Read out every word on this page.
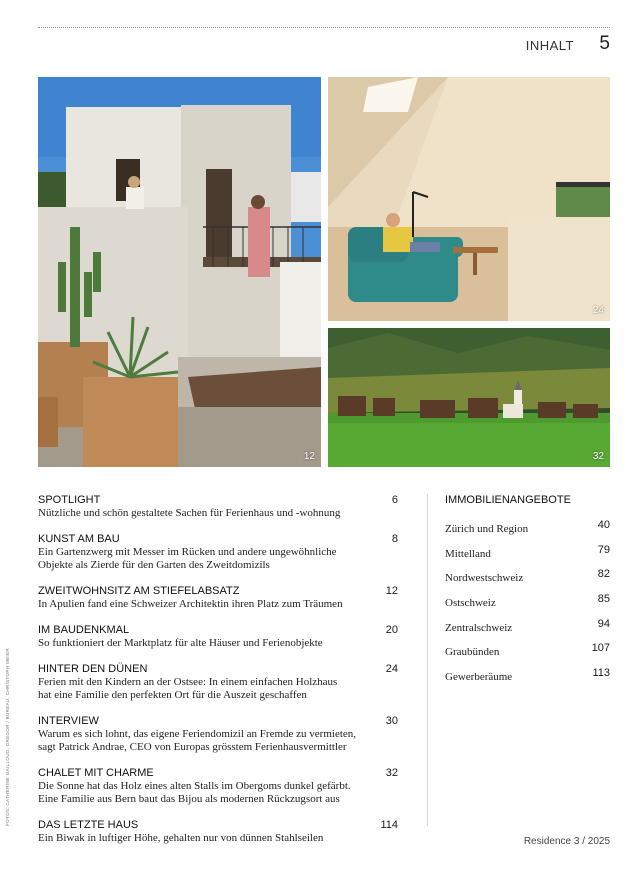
INHALT 5
12
24
32
FOTOS: CATHERINE GAILLOUD, GREGOR / BUREAU, CHRISTOPH MEIER
SPOTLIGHT	6
Nützliche und schön gestaltete Sachen für Ferienhaus und -wohnung
KUNST AM BAU	8
Ein Gartenzwerg mit Messer im Rücken und andere ungewöhnliche
Objekte als Zierde für den Garten des Zweitdomizils
ZWEITWOHNSITZ AM STIEFELABSATZ	12
In Apulien fand eine Schweizer Architektin ihren Platz zum Träumen
IM BAUDENKMAL	20
So funktioniert der Marktplatz für alte Häuser und Ferienobjekte
HINTER DEN DÜNEN	24
Ferien mit den Kindern an der Ostsee: In einem einfachen Holzhaus
hat eine Familie den perfekten Ort für die Auszeit geschaffen
INTERVIEW	30
Warum es sich lohnt, das eigene Feriendomizil an Fremde zu vermieten,
sagt Patrick Andrae, CEO von Europas grösstem Ferienhausvermittler
CHALET MIT CHARME	32
Die Sonne hat das Holz eines alten Stalls im Obergoms dunkel gefärbt.
Eine Familie aus Bern baut das Bijou als modernen Rückzugsort aus
DAS LETZTE HAUS	114
Ein Biwak in luftiger Höhe, gehalten nur von dünnen Stahlseilen
IMMOBILIENANGEBOTE
Zürich und Region	40
Mittelland	79
Nordwestschweiz	82
Ostschweiz	85
Zentralschweiz	94
Graubünden	107
Gewerberäume	113
Residence 3 / 2025
